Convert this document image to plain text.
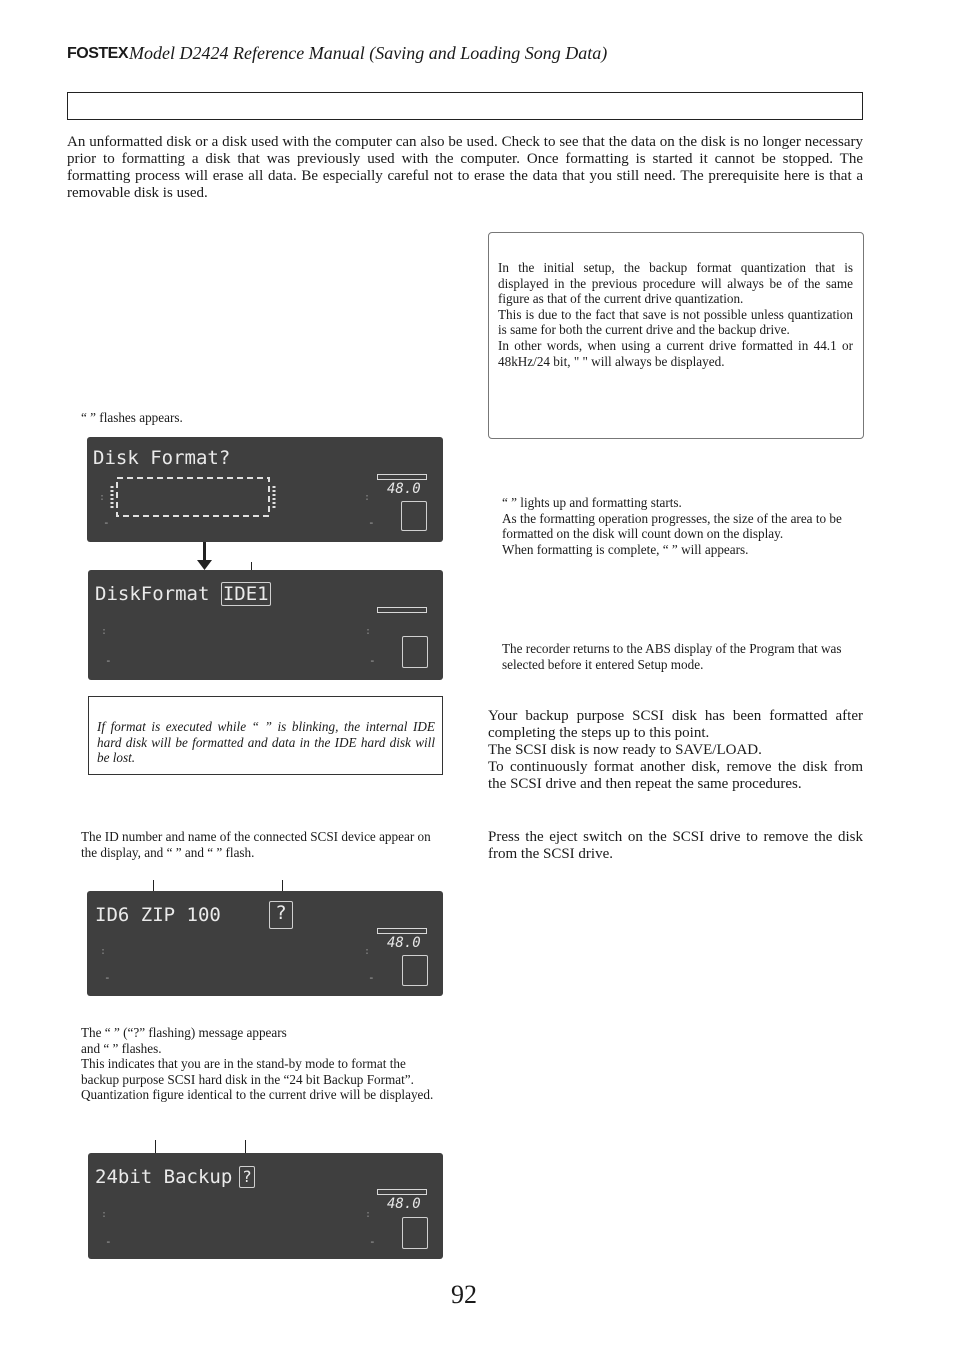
FOSTEX Model D2424 Reference Manual (Saving and Loading Song Data)
An unformatted disk or a disk used with the computer can also be used. Check to see that the data on the disk is no longer necessary prior to formatting a disk that was previously used with the computer. Once formatting is started it cannot be stopped. The formatting process will erase all data. Be especially careful not to erase the data that you still need. The prerequisite here is that a removable disk is used.
“ ” flashes appears.
Disk Format?
:
-
:
-
48.0
DiskFormat IDE1
:
-
:
-
If format is executed while “ ” is blinking, the internal IDE hard disk will be formatted and data in the IDE hard disk will be lost.
The ID number and name of the connected SCSI device appear on the display, and “ ” and “ ” flash.
ID6 ZIP 100	?
:
-
:
-
48.0
The “ ” (“?” flashing) message appears
and “ ” flashes.
This indicates that you are in the stand-by mode to format the backup purpose SCSI hard disk in the “24 bit Backup Format”. Quantization figure identical to the current drive will be displayed.
24bit Backup ?
:
-
:
-
48.0
In the initial setup, the backup format quantization that is displayed in the previous procedure will always be of the same figure as that of the current drive quantization.
This is due to the fact that save is not possible unless quantization is same for both the current drive and the backup drive.
In other words, when using a current drive formatted in 44.1 or 48kHz/24 bit, " " will always be displayed.
“ ” lights up and formatting starts.
As the formatting operation progresses, the size of the area to be formatted on the disk will count down on the display.
When formatting is complete, “ ” will appears.
The recorder returns to the ABS display of the Program that was selected before it entered Setup mode.
Your backup purpose SCSI disk has been formatted after completing the steps up to this point.
The SCSI disk is now ready to SAVE/LOAD.
To continuously format another disk, remove the disk from the SCSI drive and then repeat the same procedures.
Press the eject switch on the SCSI drive to remove the disk from the SCSI drive.
92
